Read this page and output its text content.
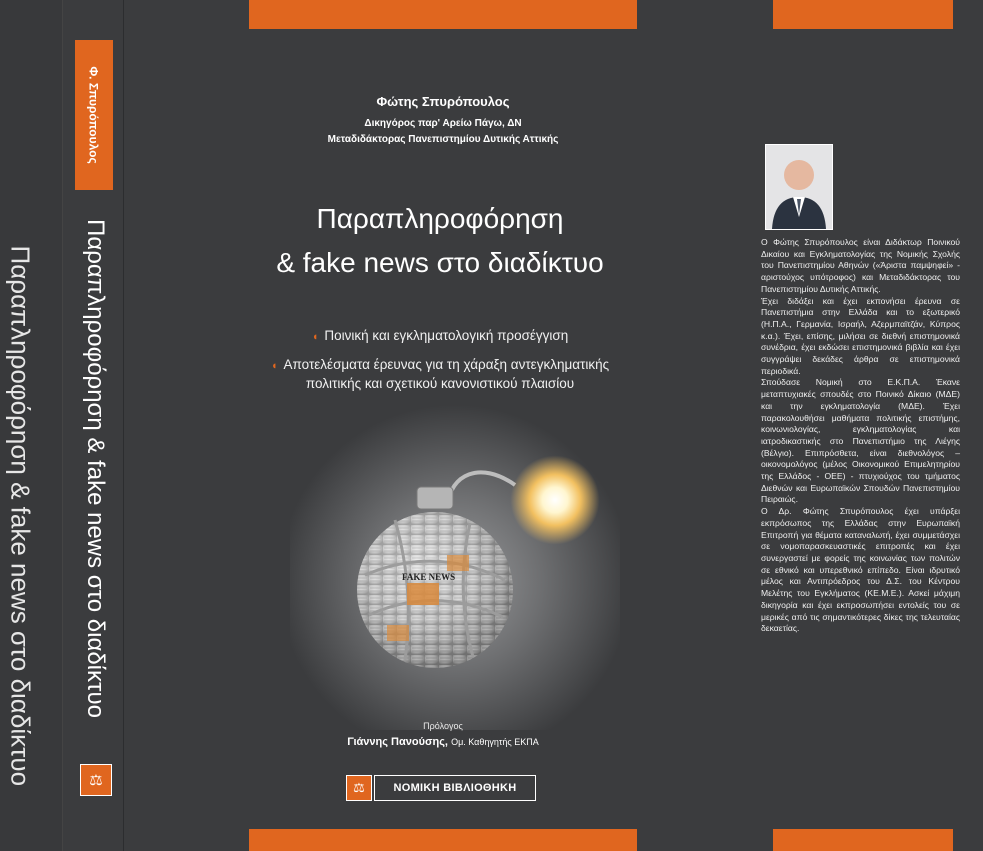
Παραπληροφόρηση & fake news στο διαδίκτυο
Φ. Σπυρόπουλος
Παραπληροφόρηση & fake news στο διαδίκτυο
⚖
Φώτης Σπυρόπουλος
Δικηγόρος παρ' Αρείω Πάγω, ΔΝ
Μεταδιδάκτορας Πανεπιστημίου Δυτικής Αττικής
Παραπληροφόρηση
& fake news στο διαδίκτυο
◖ Ποινική και εγκληματολογική προσέγγιση
◖ Αποτελέσματα έρευνας για τη χάραξη αντεγκληματικής
πολιτικής και σχετικού κανονιστικού πλαισίου
FAKE NEWS
Πρόλογος
Γιάννης Πανούσης, Ομ. Καθηγητής ΕΚΠΑ
⚖	ΝΟΜΙΚΗ ΒΙΒΛΙΟΘΗΚΗ

Ο Φώτης Σπυρόπουλος είναι Διδάκτωρ Ποινικού Δικαίου και Εγκληματολογίας της Νομικής Σχολής του Πανεπιστημίου Αθηνών («Άριστα παμψηφεί» - αριστούχος υπότροφος) και Μεταδιδάκτορας του Πανεπιστημίου Δυτικής Αττικής.

Έχει διδάξει και έχει εκπονήσει έρευνα σε Πανεπιστήμια στην Ελλάδα και το εξωτερικό (Η.Π.Α., Γερμανία, Ισραήλ, Αζερμπαϊτζάν, Κύπρος κ.α.). Έχει, επίσης, μιλήσει σε διεθνή επιστημονικά συνέδρια, έχει εκδώσει επιστημονικά βιβλία και έχει συγγράψει δεκάδες άρθρα σε επιστημονικά περιοδικά.

Σπούδασε Νομική στο Ε.Κ.Π.Α. Έκανε μεταπτυχιακές σπουδές στο Ποινικό Δίκαιο (ΜΔΕ) και την εγκληματολογία (ΜΔΕ). Έχει παρακολουθήσει μαθήματα πολιτικής επιστήμης, κοινωνιολογίας, εγκληματολογίας και ιατροδικαστικής στο Πανεπιστήμιο της Λιέγης (Βέλγιο). Επιπρόσθετα, είναι διεθνολόγος – οικονομολόγος (μέλος Οικονομικού Επιμελητηρίου της Ελλάδος - ΟΕΕ) - πτυχιούχος του τμήματος Διεθνών και Ευρωπαϊκών Σπουδών Πανεπιστημίου Πειραιώς.

Ο Δρ. Φώτης Σπυρόπουλος έχει υπάρξει εκπρόσωπος της Ελλάδας στην Ευρωπαϊκή Επιτροπή για θέματα καταναλωτή, έχει συμμετάσχει σε νομοπαρασκευαστικές επιτροπές και έχει συνεργαστεί με φορείς της κοινωνίας των πολιτών σε εθνικό και υπερεθνικό επίπεδο. Είναι ιδρυτικό μέλος και Αντιπρόεδρος του Δ.Σ. του Κέντρου Μελέτης του Εγκλήματος (ΚΕ.Μ.Ε.). Ασκεί μάχιμη δικηγορία και έχει εκπροσωπήσει εντολείς του σε μερικές από τις σημαντικότερες δίκες της τελευταίας δεκαετίας.
